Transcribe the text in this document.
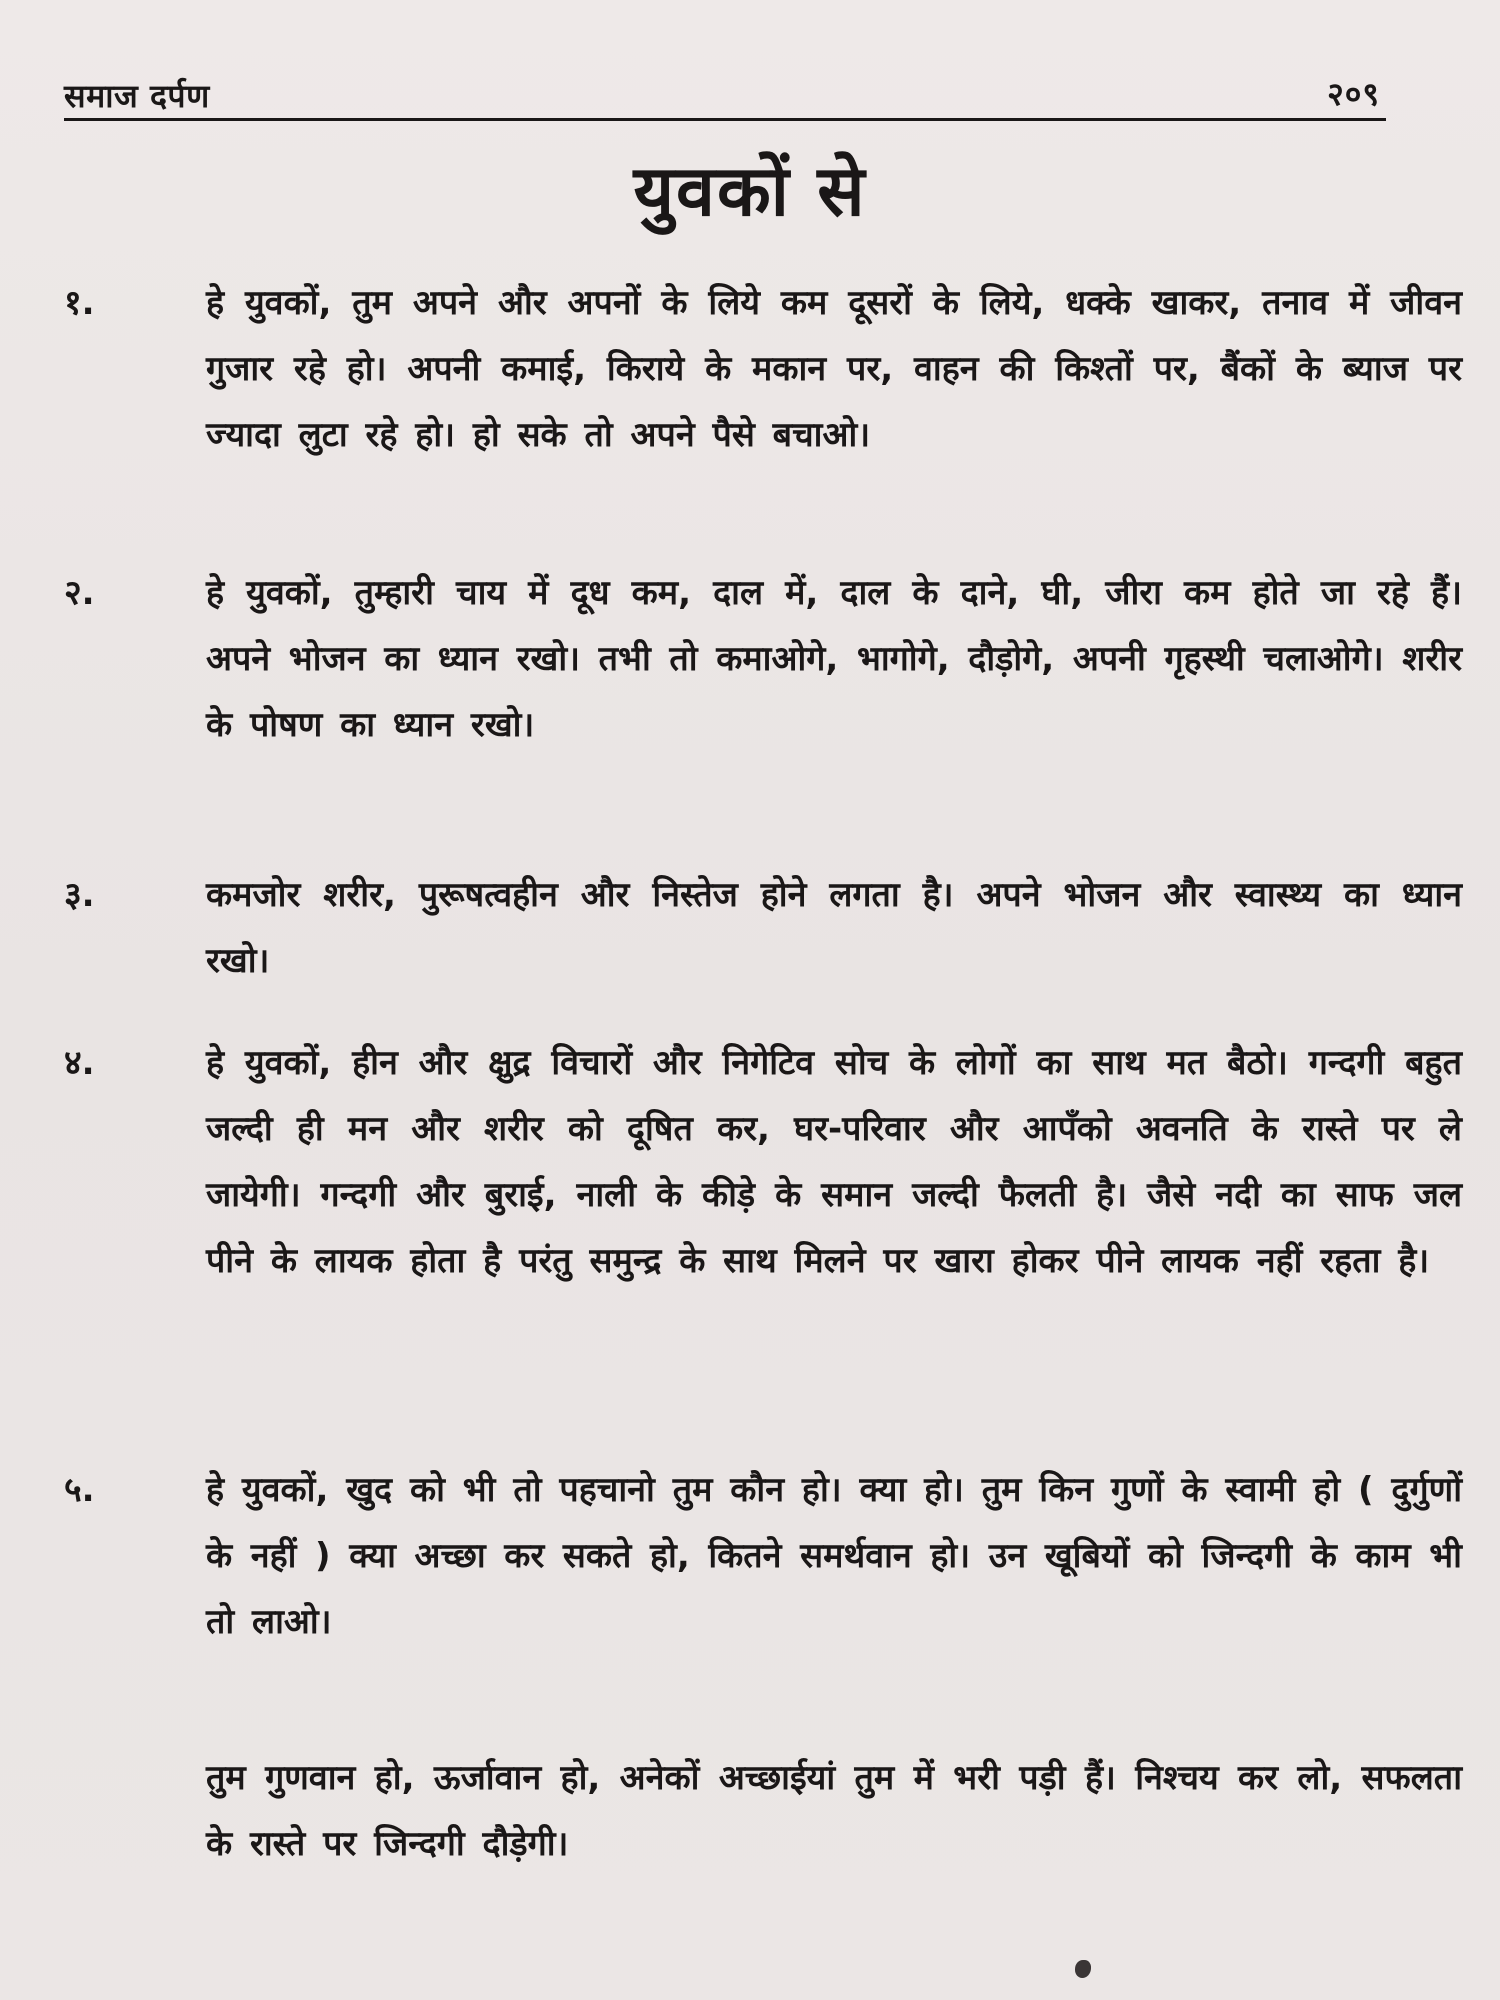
समाज दर्पण	२०९
युवकों से
१.	हे युवकों, तुम अपने और अपनों के लिये कम दूसरों के लिये, धक्के खाकर, तनाव में जीवन गुजार रहे हो। अपनी कमाई, किराये के मकान पर, वाहन की किश्तों पर, बैंकों के ब्याज पर ज्यादा लुटा रहे हो। हो सके तो अपने पैसे बचाओ।
२.	हे युवकों, तुम्हारी चाय में दूध कम, दाल में, दाल के दाने, घी, जीरा कम होते जा रहे हैं। अपने भोजन का ध्यान रखो। तभी तो कमाओगे, भागोगे, दौड़ोगे, अपनी गृहस्थी चलाओगे। शरीर के पोषण का ध्यान रखो।
३.	कमजोर शरीर, पुरूषत्वहीन और निस्तेज होने लगता है। अपने भोजन और स्वास्थ्य का ध्यान रखो।
४.	हे युवकों, हीन और क्षुद्र विचारों और निगेटिव सोच के लोगों का साथ मत बैठो। गन्दगी बहुत जल्दी ही मन और शरीर को दूषित कर, घर-परिवार और आपँको अवनति के रास्ते पर ले जायेगी। गन्दगी और बुराई, नाली के कीड़े के समान जल्दी फैलती है। जैसे नदी का साफ जल पीने के लायक होता है परंतु समुन्द्र के साथ मिलने पर खारा होकर पीने लायक नहीं रहता है।
५.	हे युवकों, खुद को भी तो पहचानो तुम कौन हो। क्या हो। तुम किन गुणों के स्वामी हो ( दुर्गुणों के नहीं ) क्या अच्छा कर सकते हो, कितने समर्थवान हो। उन खूबियों को जिन्दगी के काम भी तो लाओ।
तुम गुणवान हो, ऊर्जावान हो, अनेकों अच्छाईयां तुम में भरी पड़ी हैं। निश्चय कर लो, सफलता के रास्ते पर जिन्दगी दौड़ेगी।
